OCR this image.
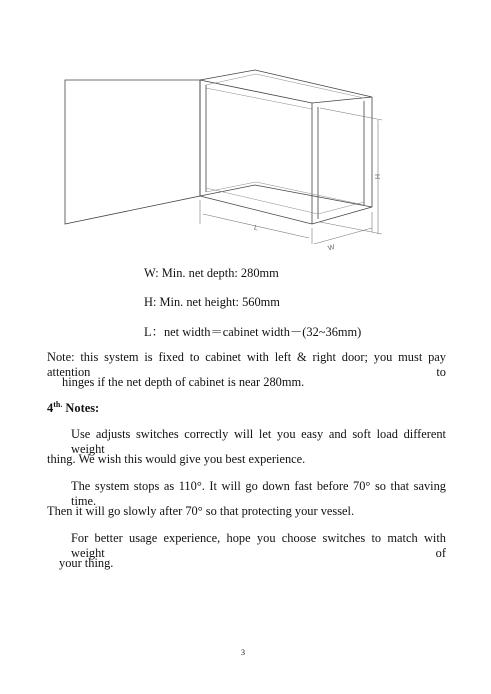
H
L
W
W: Min. net depth: 280mm
H: Min. net height: 560mm
L：net width＝cabinet width－(32~36mm)
Note: this system is fixed to cabinet with left & right door; you must pay attention to
hinges if the net depth of cabinet is near 280mm.
$4^{th.}$ Notes:
Use adjusts switches correctly will let you easy and soft load different weight
thing. We wish this would give you best experience.
The system stops as 110°. It will go down fast before 70° so that saving time.
Then it will go slowly after 70° so that protecting your vessel.
For better usage experience, hope you choose switches to match with weight of
your thing.
3
